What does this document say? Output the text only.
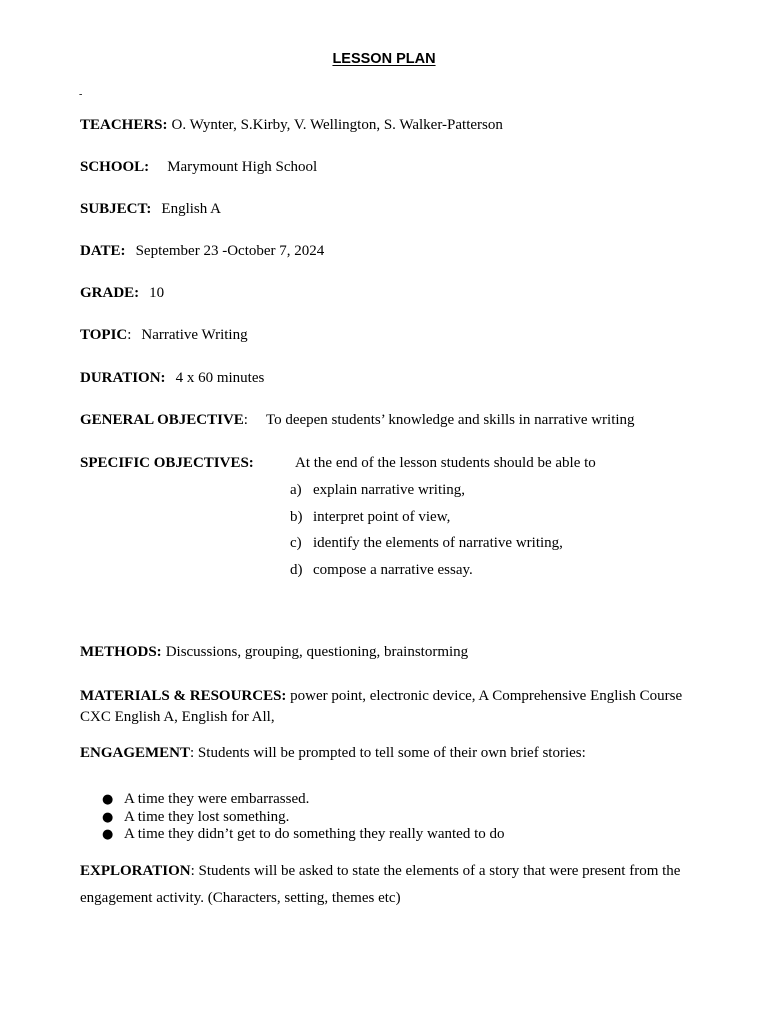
LESSON PLAN
-
TEACHERS: O. Wynter, S.Kirby, V. Wellington, S. Walker-Patterson
SCHOOL: Marymount High School
SUBJECT: English A
DATE: September 23 -October 7, 2024
GRADE: 10
TOPIC: Narrative Writing
DURATION: 4 x 60 minutes
GENERAL OBJECTIVE: To deepen students’ knowledge and skills in narrative writing
SPECIFIC OBJECTIVES:	At the end of the lesson students should be able to
a) explain narrative writing,
b) interpret point of view,
c) identify the elements of narrative writing,
d) compose a narrative essay.
METHODS: Discussions, grouping, questioning, brainstorming
MATERIALS & RESOURCES: power point, electronic device, A Comprehensive English Course CXC English A, English for All,
ENGAGEMENT: Students will be prompted to tell some of their own brief stories:
● A time they were embarrassed.
● A time they lost something.
● A time they didn’t get to do something they really wanted to do
EXPLORATION: Students will be asked to state the elements of a story that were present from the engagement activity. (Characters, setting, themes etc)
